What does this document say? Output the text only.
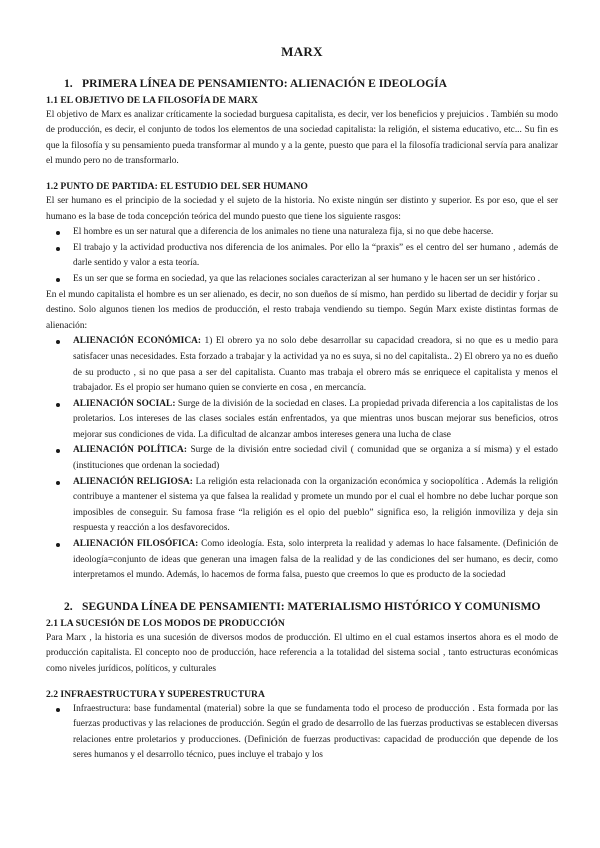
MARX
1. PRIMERA LÍNEA DE PENSAMIENTO: ALIENACIÓN E IDEOLOGÍA
1.1 EL OBJETIVO DE LA FILOSOFÍA DE MARX

El objetivo de Marx es analizar críticamente la sociedad burguesa capitalista, es decir, ver los beneficios y prejuicios . También su modo de producción, es decir, el conjunto de todos los elementos de una sociedad capitalista: la religión, el sistema educativo, etc... Su fin es que la filosofía y su pensamiento pueda transformar al mundo y a la gente, puesto que para el la filosofía tradicional servía para analizar el mundo pero no de transformarlo.

1.2 PUNTO DE PARTIDA: EL ESTUDIO DEL SER HUMANO

El ser humano es el principio de la sociedad y el sujeto de la historia. No existe ningún ser distinto y superior. Es por eso, que el ser humano es la base de toda concepción teórica del mundo puesto que tiene los siguiente rasgos:

El hombre es un ser natural que a diferencia de los animales no tiene una naturaleza fija, si no que debe hacerse.
El trabajo y la actividad productiva nos diferencia de los animales. Por ello la “praxis” es el centro del ser humano , además de darle sentido y valor a esta teoría.
Es un ser que se forma en sociedad, ya que las relaciones sociales caracterizan al ser humano y le hacen ser un ser histórico .

En el mundo capitalista el hombre es un ser alienado, es decir, no son dueños de sí mismo, han perdido su libertad de decidir y forjar su destino. Solo algunos tienen los medios de producción, el resto trabaja vendiendo su tiempo. Según Marx existe distintas formas de alienación:

ALIENACIÓN ECONÓMICA: 1) El obrero ya no solo debe desarrollar su capacidad creadora, si no que es u medio para satisfacer unas necesidades. Esta forzado a trabajar y la actividad ya no es suya, si no del capitalista.. 2) El obrero ya no es dueño de su producto , si no que pasa a ser del capitalista. Cuanto mas trabaja el obrero más se enriquece el capitalista y menos el trabajador. Es el propio ser humano quien se convierte en cosa , en mercancía.
ALIENACIÓN SOCIAL: Surge de la división de la sociedad en clases. La propiedad privada diferencia a los capitalistas de los proletarios. Los intereses de las clases sociales están enfrentados, ya que mientras unos buscan mejorar sus beneficios, otros mejorar sus condiciones de vida. La dificultad de alcanzar ambos intereses genera una lucha de clase
ALIENACIÓN POLÍTICA: Surge de la división entre sociedad civil ( comunidad que se organiza a sí misma) y el estado (instituciones que ordenan la sociedad)
ALIENACIÓN RELIGIOSA: La religión esta relacionada con la organización económica y sociopolítica . Además la religión contribuye a mantener el sistema ya que falsea la realidad y promete un mundo por el cual el hombre no debe luchar porque son imposibles de conseguir. Su famosa frase “la religión es el opio del pueblo” significa eso, la religión inmoviliza y deja sin respuesta y reacción a los desfavorecidos.
ALIENACIÓN FILOSÓFICA: Como ideología. Esta, solo interpreta la realidad y ademas lo hace falsamente. (Definición de ideología=conjunto de ideas que generan una imagen falsa de la realidad y de las condiciones del ser humano, es decir, como interpretamos el mundo. Además, lo hacemos de forma falsa, puesto que creemos lo que es producto de la sociedad
2. SEGUNDA LÍNEA DE PENSAMIENTI: MATERIALISMO HISTÓRICO Y COMUNISMO
2.1 LA SUCESIÓN DE LOS MODOS DE PRODUCCIÓN

Para Marx , la historia es una sucesión de diversos modos de producción. El ultimo en el cual estamos insertos ahora es el modo de producción capitalista. El concepto noo de producción, hace referencia a la totalidad del sistema social , tanto estructuras económicas como niveles jurídicos, políticos, y culturales

2.2 INFRAESTRUCTURA Y SUPERESTRUCTURA
Infraestructura: base fundamental (material) sobre la que se fundamenta todo el proceso de producción . Esta formada por las fuerzas productivas y las relaciones de producción. Según el grado de desarrollo de las fuerzas productivas se establecen diversas relaciones entre proletarios y producciones. (Definición de fuerzas productivas: capacidad de producción que depende de los seres humanos y el desarrollo técnico, pues incluye el trabajo y los
